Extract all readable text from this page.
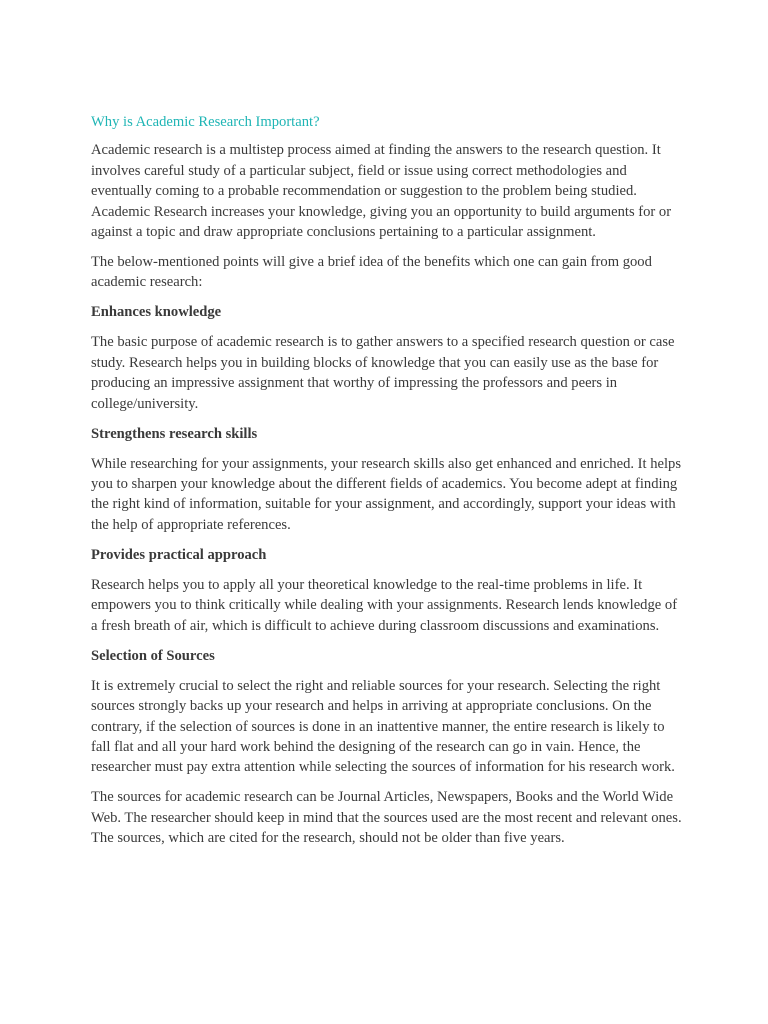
Why is Academic Research Important?

Academic research is a multistep process aimed at finding the answers to the research question. It involves careful study of a particular subject, field or issue using correct methodologies and eventually coming to a probable recommendation or suggestion to the problem being studied. Academic Research increases your knowledge, giving you an opportunity to build arguments for or against a topic and draw appropriate conclusions pertaining to a particular assignment.

The below-mentioned points will give a brief idea of the benefits which one can gain from good academic research:

Enhances knowledge

The basic purpose of academic research is to gather answers to a specified research question or case study. Research helps you in building blocks of knowledge that you can easily use as the base for producing an impressive assignment that worthy of impressing the professors and peers in college/university.

Strengthens research skills

While researching for your assignments, your research skills also get enhanced and enriched. It helps you to sharpen your knowledge about the different fields of academics. You become adept at finding the right kind of information, suitable for your assignment, and accordingly, support your ideas with the help of appropriate references.

Provides practical approach

Research helps you to apply all your theoretical knowledge to the real-time problems in life. It empowers you to think critically while dealing with your assignments. Research lends knowledge of a fresh breath of air, which is difficult to achieve during classroom discussions and examinations.

Selection of Sources

It is extremely crucial to select the right and reliable sources for your research. Selecting the right sources strongly backs up your research and helps in arriving at appropriate conclusions. On the contrary, if the selection of sources is done in an inattentive manner, the entire research is likely to fall flat and all your hard work behind the designing of the research can go in vain. Hence, the researcher must pay extra attention while selecting the sources of information for his research work.

The sources for academic research can be Journal Articles, Newspapers, Books and the World Wide Web. The researcher should keep in mind that the sources used are the most recent and relevant ones. The sources, which are cited for the research, should not be older than five years.
